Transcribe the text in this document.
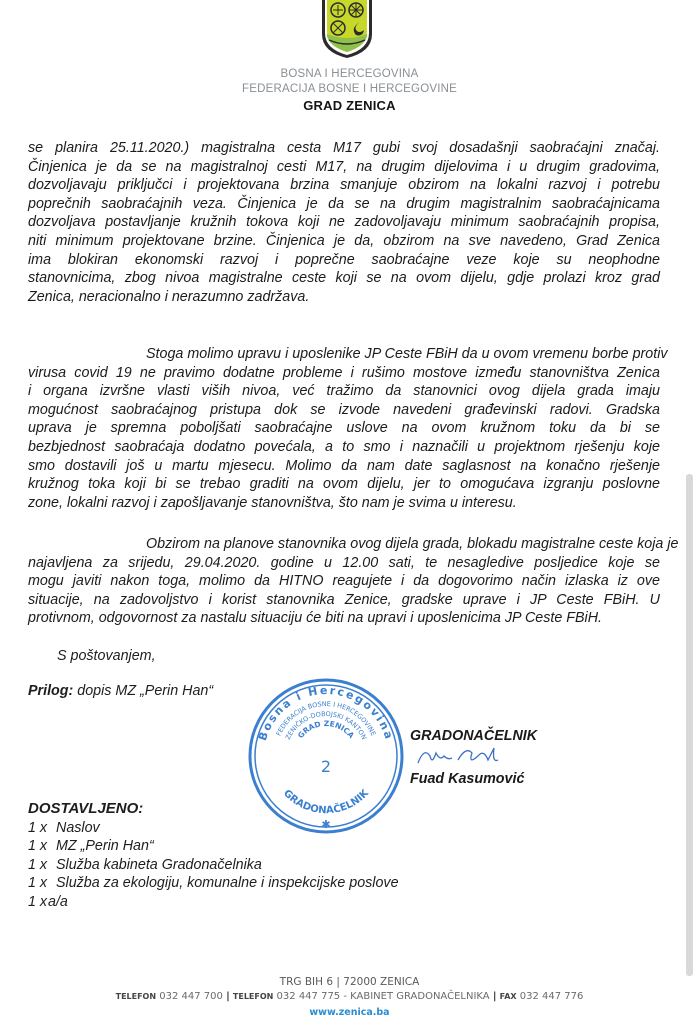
BOSNA I HERCEGOVINA
FEDERACIJA BOSNE I HERCEGOVINE
GRAD ZENICA
se planira 25.11.2020.) magistralna cesta M17 gubi svoj dosadašnji saobraćajni značaj.
Činjenica je da se na magistralnoj cesti M17, na drugim dijelovima i u drugim gradovima,
dozvoljavaju priključci i projektovana brzina smanjuje obzirom na lokalni razvoj i potrebu
poprečnih saobraćajnih veza. Činjenica je da se na drugim magistralnim saobraćajnicama
dozvoljava postavljanje kružnih tokova koji ne zadovoljavaju minimum saobraćajnih propisa,
niti minimum projektovane brzine. Činjenica je da, obzirom na sve navedeno, Grad Zenica
ima blokiran ekonomski razvoj i poprečne saobraćajne veze koje su neophodne
stanovnicima, zbog nivoa magistralne ceste koji se na ovom dijelu, gdje prolazi kroz grad
Zenica, neracionalno i nerazumno zadržava.
Stoga molimo upravu i uposlenike JP Ceste FBiH da u ovom vremenu borbe protiv
virusa covid 19 ne pravimo dodatne probleme i rušimo mostove između stanovništva Zenica
i organa izvršne vlasti viših nivoa, već tražimo da stanovnici ovog dijela grada imaju
mogućnost saobraćajnog pristupa dok se izvode navedeni građevinski radovi. Gradska
uprava je spremna poboljšati saobraćajne uslove na ovom kružnom toku da bi se
bezbjednost saobraćaja dodatno povećala, a to smo i naznačili u projektnom rješenju koje
smo dostavili još u martu mjesecu. Molimo da nam date saglasnost na konačno rješenje
kružnog toka koji bi se trebao graditi na ovom dijelu, jer to omogućava izgranju poslovne
zone, lokalni razvoj i zapošljavanje stanovništva, što nam je svima u interesu.
Obzirom na planove stanovnika ovog dijela grada, blokadu magistralne ceste koja je
najavljena za srijedu, 29.04.2020. godine u 12.00 sati, te nesagledive posljedice koje se
mogu javiti nakon toga, molimo da HITNO reagujete i da dogovorimo način izlaska iz ove
situacije, na zadovoljstvo i korist stanovnika Zenice, gradske uprave i JP Ceste FBiH. U
protivnom, odgovornost za nastalu situaciju će biti na upravi i uposlenicima JP Ceste FBiH.
S poštovanjem,
Prilog: dopis MZ „Perin Han“
Bosna i Hercegovina
FEDERACIJA BOSNE I HERCEGOVINE
ZENIČKO-DOBOJSKI KANTON
GRAD ZENICA
2
GRADONAČELNIK
✱
GRADONAČELNIK
Fuad Kasumović
DOSTAVLJENO:
1 x Naslov
1 x MZ „Perin Han“
1 x Služba kabineta Gradonačelnika
1 x Služba za ekologiju, komunalne i inspekcijske poslove
1 xa/a
TRG BIH 6 | 72000 ZENICA
TELEFON 032 447 700 | TELEFON 032 447 775 - KABINET GRADONAČELNIKA | FAX 032 447 776
www.zenica.ba
